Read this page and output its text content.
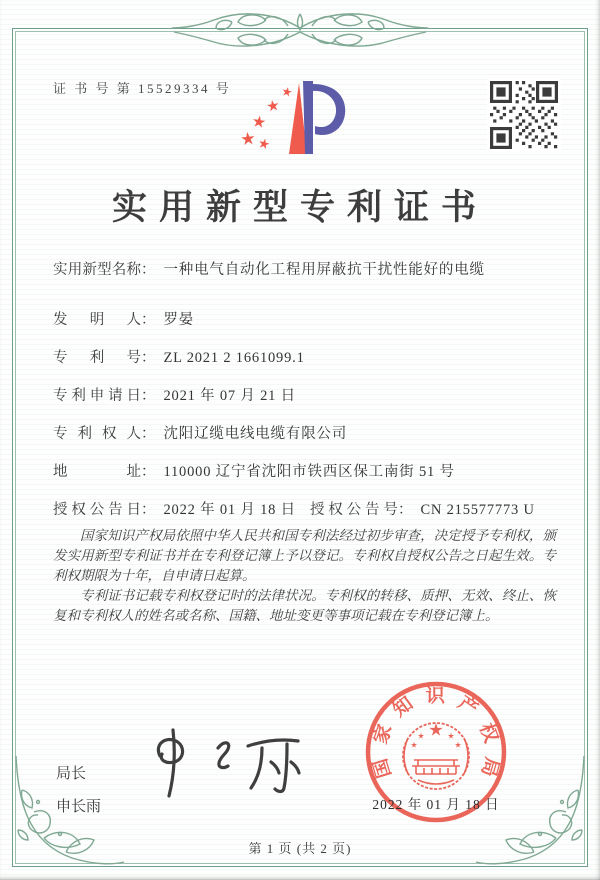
证 书 号 第 15529334 号
实用新型专利证书
实用新型名称 ： 一种电气自动化工程用屏蔽抗干扰性能好的电缆
发明人 ： 罗晏
专利号 ： ZL 2021 2 1661099.1
专利申请日 ： 2021 年 07 月 21 日
专利权人 ： 沈阳辽缆电线电缆有限公司
地址 ： 110000 辽宁省沈阳市铁西区保工南街 51 号
授权公告日 ： 2022 年 01 月 18 日 授权公告号 ： CN 215577773 U

国家知识产权局依照中华人民共和国专利法经过初步审查，决定授予专利权，颁发实用新型专利证书并在专利登记簿上予以登记。专利权自授权公告之日起生效。专利权期限为十年，自申请日起算。

专利证书记载专利权登记时的法律状况。专利权的转移、质押、无效、终止、恢复和专利权人的姓名或名称、国籍、地址变更等事项记载在专利登记簿上。

局长
申长雨
国家知识产权局
2022 年 01 月 18 日
第 1 页 (共 2 页)
